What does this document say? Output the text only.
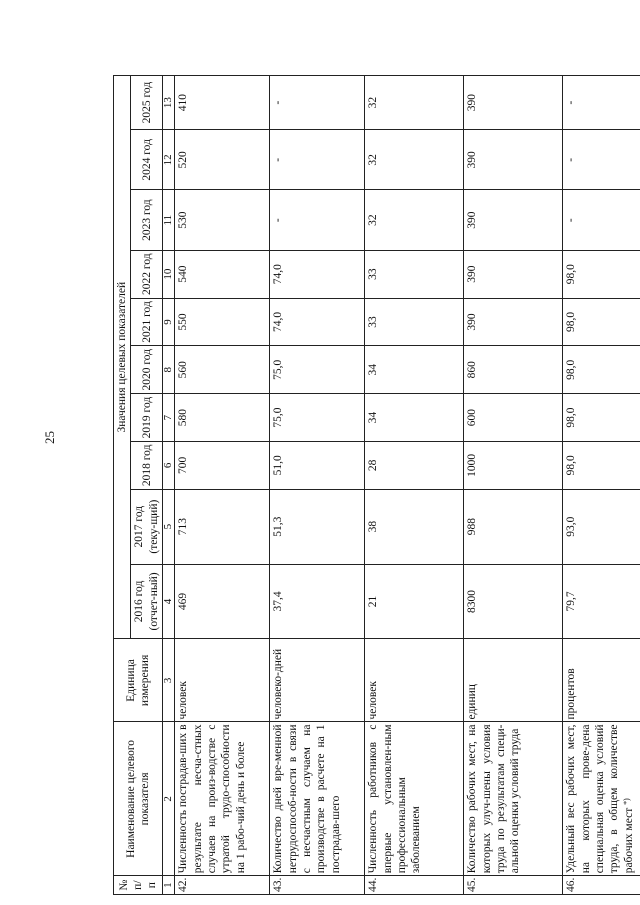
25
№ п/п	Наименование целевого показателя	Единица измерения	Значения целевых показателей									
			2016 год (отчет-ный)	2017 год (теку-щий)	2018 год	2019 год	2020 год	2021 год	2022 год	2023 год	2024 год	2025 год
1	2	3	4	5	6	7	8	9	10	11	12	13
42.	Численность пострадав-ших в результате несча-стных случаев на произ-водстве с утратой трудо-способности на 1 рабо-чий день и более	человек	469	713	700	580	560	550	540	530	520	410
43.	Количество дней вре-менной нетрудоспособ-ности в связи с несчастным случаем на производстве в расчете на 1 пострадав-шего	человеко-дней	37,4	51,3	51,0	75,0	75,0	74,0	74,0	-	-	-
44.	Численность работников с впервые установлен-ным профессиональным заболеванием	человек	21	38	28	34	34	33	33	32	32	32
45.	Количество рабочих мест, на которых улуч-шены условия труда по результатам специ-альной оценки условий труда	единиц	8300	988	1000	600	860	390	390	390	390	390
46.	Удельный вес рабочих мест, на которых прове-дена специальная оценка условий труда, в общем количестве рабочих мест *)	процентов	79,7	93,0	98,0	98,0	98,0	98,0	98,0	-	-	-
